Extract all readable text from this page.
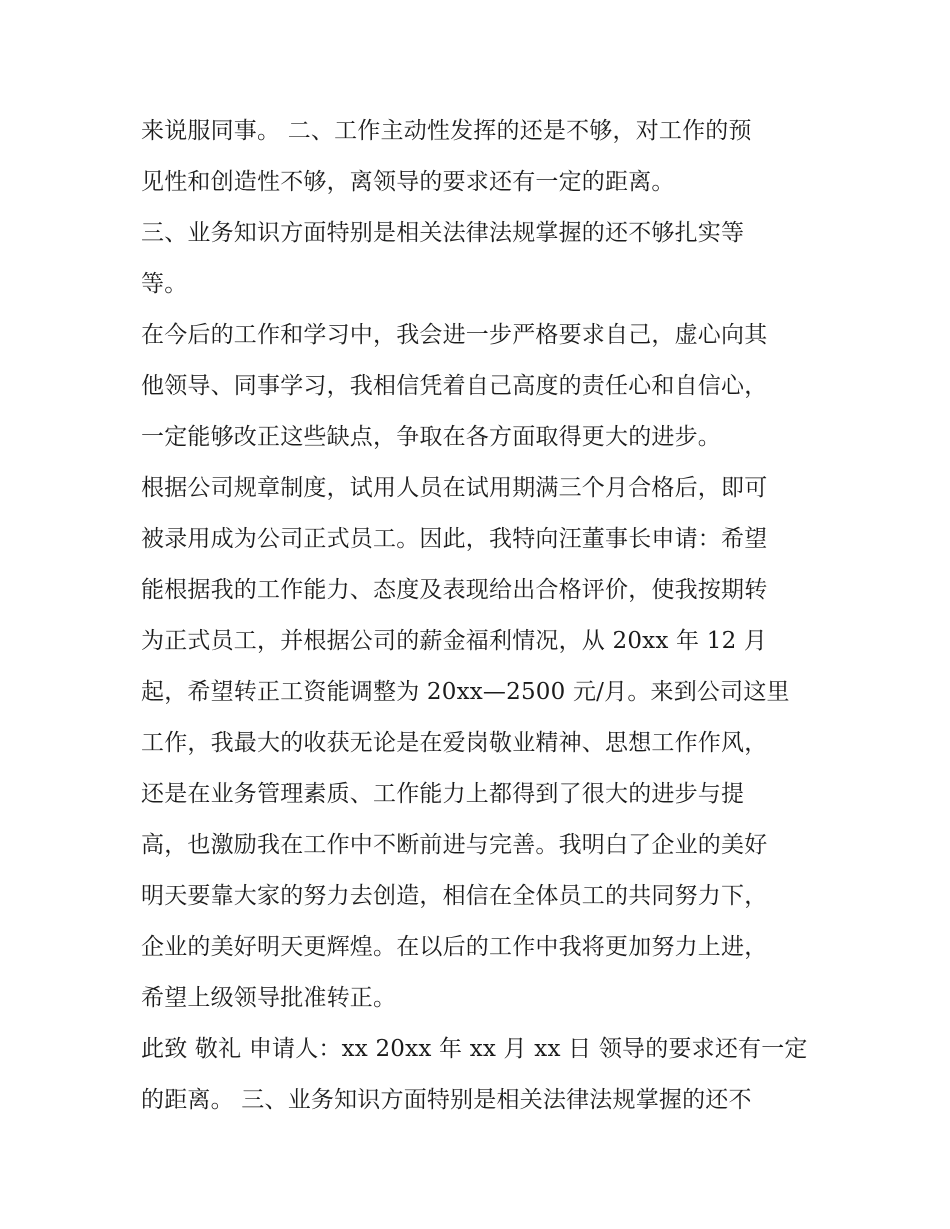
来说服同事。 二、工作主动性发挥的还是不够，对工作的预
见性和创造性不够，离领导的要求还有一定的距离。
三、业务知识方面特别是相关法律法规掌握的还不够扎实等
等。
在今后的工作和学习中，我会进一步严格要求自己，虚心向其
他领导、同事学习，我相信凭着自己高度的责任心和自信心，
一定能够改正这些缺点，争取在各方面取得更大的进步。
根据公司规章制度，试用人员在试用期满三个月合格后，即可
被录用成为公司正式员工。因此，我特向汪董事长申请：希望
能根据我的工作能力、态度及表现给出合格评价，使我按期转
为正式员工，并根据公司的薪金福利情况，从 20xx 年 12 月
起，希望转正工资能调整为 20xx—2500 元/月。来到公司这里
工作，我最大的收获无论是在爱岗敬业精神、思想工作作风，
还是在业务管理素质、工作能力上都得到了很大的进步与提
高，也激励我在工作中不断前进与完善。我明白了企业的美好
明天要靠大家的努力去创造，相信在全体员工的共同努力下，
企业的美好明天更辉煌。在以后的工作中我将更加努力上进，
希望上级领导批准转正。
此致 敬礼 申请人：xx 20xx 年 xx 月 xx 日 领导的要求还有一定
的距离。 三、业务知识方面特别是相关法律法规掌握的还不
